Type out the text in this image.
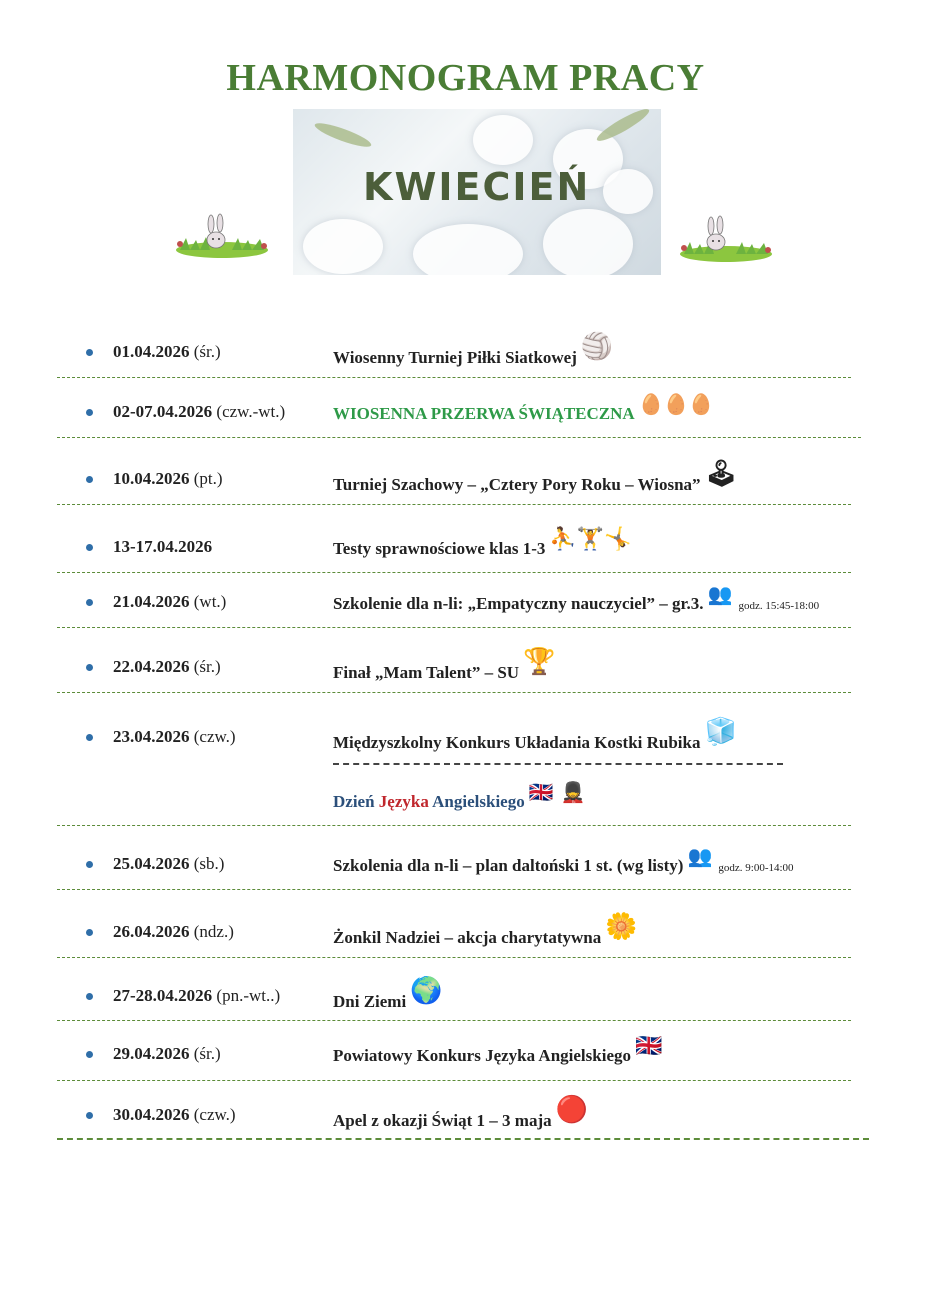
HARMONOGRAM PRACY
KWIECIEŃ
01.04.2026 (śr.)	Wiosenny Turniej Piłki Siatkowej 🏐
02-07.04.2026 (czw.-wt.)	WIOSENNA PRZERWA ŚWIĄTECZNA 🥚🥚🥚
10.04.2026 (pt.)	Turniej Szachowy – „Cztery Pory Roku – Wiosna” 🕹
13-17.04.2026	Testy sprawnościowe klas 1-3 ⛹🏋🤸
21.04.2026 (wt.)	Szkolenie dla n-li: „Empatyczny nauczyciel” – gr.3. 👥 godz. 15:45-18:00
22.04.2026 (śr.)	Finał „Mam Talent” – SU 🏆
23.04.2026 (czw.)	Międzyszkolny Konkurs Układania Kostki Rubika 🧊
Dzień Języka Angielskiego 🇬🇧 💂
25.04.2026 (sb.)	Szkolenia dla n-li – plan daltoński 1 st. (wg listy) 👥 godz. 9:00-14:00
26.04.2026 (ndz.)	Żonkil Nadziei – akcja charytatywna 🌼
27-28.04.2026 (pn.-wt..)	Dni Ziemi 🌍
29.04.2026 (śr.)	Powiatowy Konkurs Języka Angielskiego 🇬🇧
30.04.2026 (czw.)	Apel z okazji Świąt 1 – 3 maja 🔴
